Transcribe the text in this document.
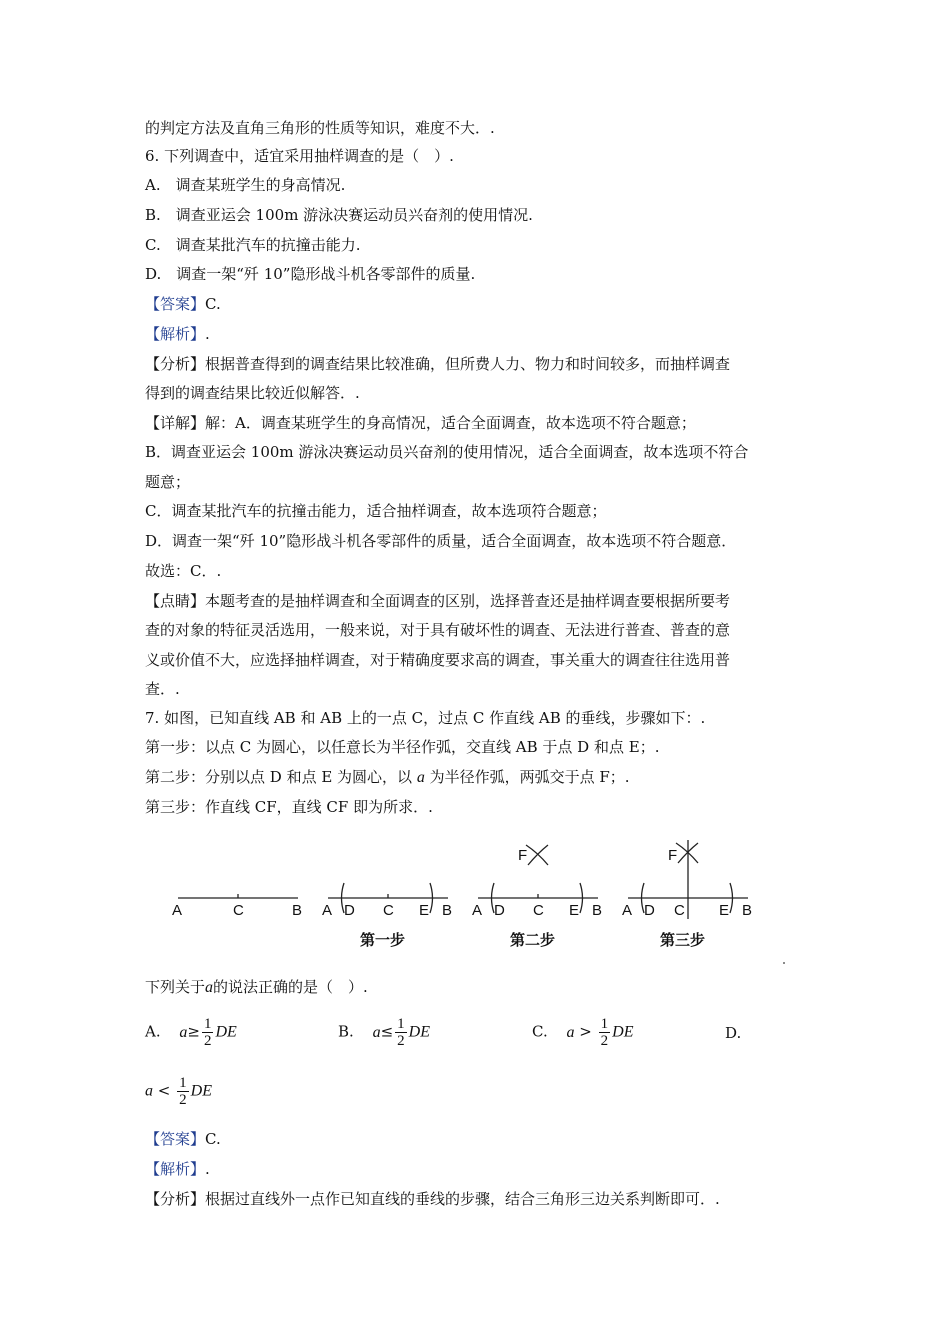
的判定方法及直角三角形的性质等知识，难度不大．.
6. 下列调查中，适宜采用抽样调查的是（　）.
A.　调查某班学生的身高情况.
B.　调查亚运会 100m 游泳决赛运动员兴奋剂的使用情况.
C.　调查某批汽车的抗撞击能力.
D.　调查一架“歼 10”隐形战斗机各零部件的质量.
【答案】C.
【解析】.
【分析】根据普查得到的调查结果比较准确，但所费人力、物力和时间较多，而抽样调查
得到的调查结果比较近似解答．.
【详解】解：A．调查某班学生的身高情况，适合全面调查，故本选项不符合题意；
B．调查亚运会 100m 游泳决赛运动员兴奋剂的使用情况，适合全面调查，故本选项不符合
题意；
C．调查某批汽车的抗撞击能力，适合抽样调查，故本选项符合题意；
D．调查一架“歼 10”隐形战斗机各零部件的质量，适合全面调查，故本选项不符合题意．
故选：C．.
【点睛】本题考查的是抽样调查和全面调查的区别，选择普查还是抽样调查要根据所要考
查的对象的特征灵活选用，一般来说，对于具有破坏性的调查、无法进行普查、普查的意
义或价值不大，应选择抽样调查，对于精确度要求高的调查，事关重大的调查往往选用普
查．.
7. 如图，已知直线 AB 和 AB 上的一点 C，过点 C 作直线 AB 的垂线，步骤如下：.
第一步：以点 C 为圆心，以任意长为半径作弧，交直线 AB 于点 D 和点 E；.
第二步：分别以点 D 和点 E 为圆心，以 a 为半径作弧，两弧交于点 F；.
第三步：作直线 CF，直线 CF 即为所求．.
A	C	B A D C E B A D C E B
F
A D C E B
F
第一步	第二步	第三步
下列关于a的说法正确的是（　）.
A. $a\ge \frac{1}{2}$ DE	B. $a\le \frac{1}{2}$ DE	C. $a > \frac{1}{2}$ DE	D.
$a < \frac{1}{2}$ DE
【答案】C.
【解析】.
【分析】根据过直线外一点作已知直线的垂线的步骤，结合三角形三边关系判断即可．.
